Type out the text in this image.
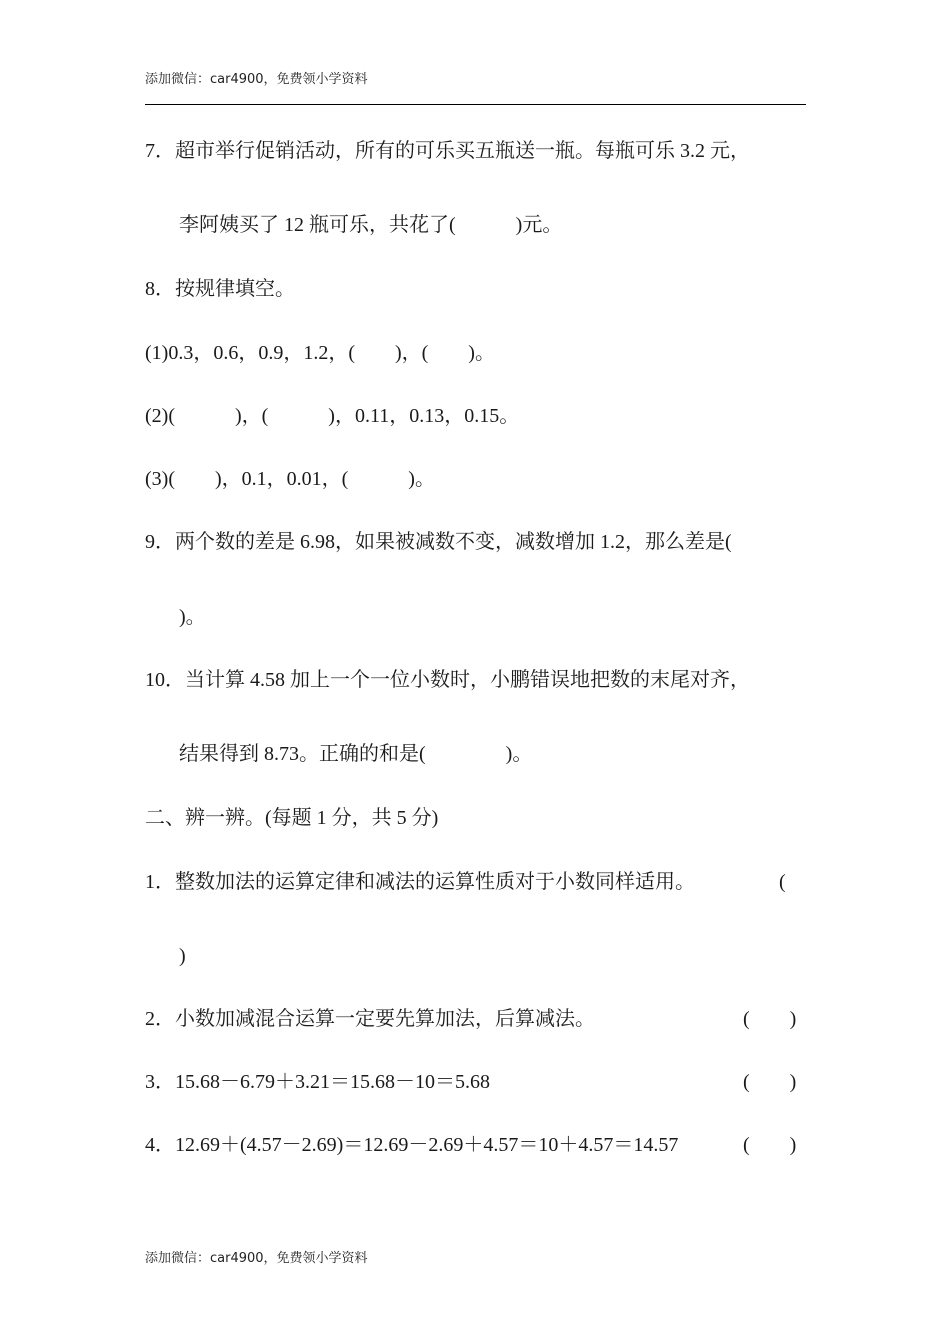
添加微信：car4900，免费领小学资料
7．超市举行促销活动，所有的可乐买五瓶送一瓶。每瓶可乐 3.2 元，
李阿姨买了 12 瓶可乐，共花了(　　　)元。
8．按规律填空。
(1)0.3，0.6，0.9，1.2，(　　)，(　　)。
(2)(　　　)，(　　　)，0.11，0.13，0.15。
(3)(　　)，0.1，0.01，(　　　)。
9．两个数的差是 6.98，如果被减数不变，减数增加 1.2，那么差是(
)。
10．当计算 4.58 加上一个一位小数时，小鹏错误地把数的末尾对齐，
结果得到 8.73。正确的和是(　　　　)。
二、辨一辨。(每题 1 分，共 5 分)
1．整数加法的运算定律和减法的运算性质对于小数同样适用。	(
)
2．小数加减混合运算一定要先算加法，后算减法。	(　　)
3．15.68－6.79＋3.21＝15.68－10＝5.68	(　　)
4．12.69＋(4.57－2.69)＝12.69－2.69＋4.57＝10＋4.57＝14.57	(　　)
添加微信：car4900，免费领小学资料
